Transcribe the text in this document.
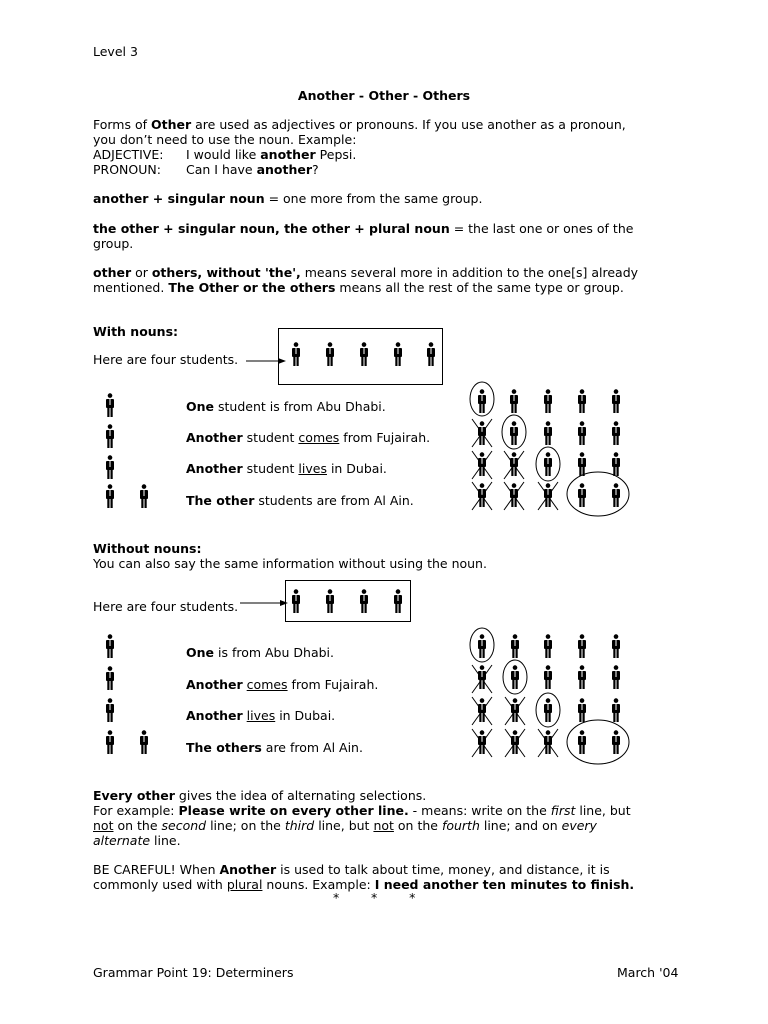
Level 3
Another - Other - Others
Forms of Other are used as adjectives or pronouns. If you use another as a pronoun,
you don’t need to use the noun. Example:
ADJECTIVE: I would like another Pepsi.
PRONOUN: Can I have another?
another + singular noun = one more from the same group.
the other + singular noun, the other + plural noun = the last one or ones of the
group.
other or others, without 'the', means several more in addition to the one[s] already
mentioned. The Other or the others means all the rest of the same type or group.
With nouns:
Here are four students.
One student is from Abu Dhabi.
Another student comes from Fujairah.
Another student lives in Dubai.
The other students are from Al Ain.
Without nouns:
You can also say the same information without using the noun.
Here are four students.
One is from Abu Dhabi.
Another comes from Fujairah.
Another lives in Dubai.
The others are from Al Ain.
Every other gives the idea of alternating selections.
For example: Please write on every other line. - means: write on the first line, but
not on the second line; on the third line, but not on the fourth line; and on every
alternate line.
BE CAREFUL! When Another is used to talk about time, money, and distance, it is
commonly used with plural nouns. Example: I need another ten minutes to finish.
*        *        *
Grammar Point 19: Determiners	March '04
